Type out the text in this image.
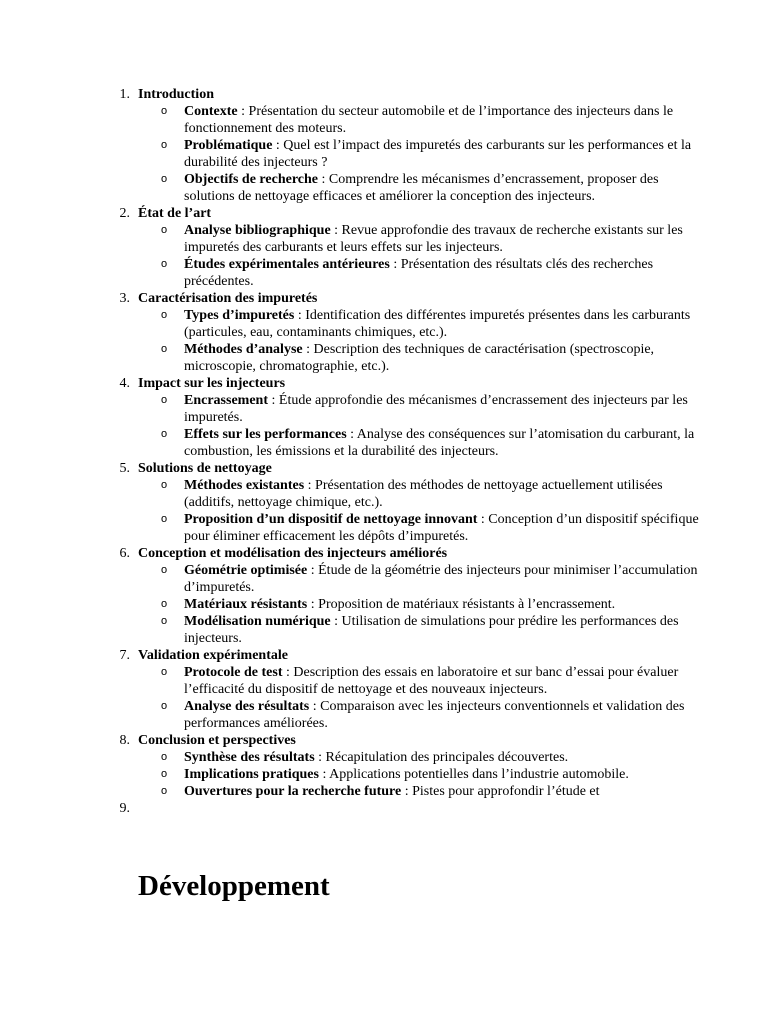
1. Introduction
o Contexte : Présentation du secteur automobile et de l’importance des injecteurs dans le fonctionnement des moteurs.
o Problématique : Quel est l’impact des impuretés des carburants sur les performances et la durabilité des injecteurs ?
o Objectifs de recherche : Comprendre les mécanismes d’encrassement, proposer des solutions de nettoyage efficaces et améliorer la conception des injecteurs.
2. État de l’art
o Analyse bibliographique : Revue approfondie des travaux de recherche existants sur les impuretés des carburants et leurs effets sur les injecteurs.
o Études expérimentales antérieures : Présentation des résultats clés des recherches précédentes.
3. Caractérisation des impuretés
o Types d’impuretés : Identification des différentes impuretés présentes dans les carburants (particules, eau, contaminants chimiques, etc.).
o Méthodes d’analyse : Description des techniques de caractérisation (spectroscopie, microscopie, chromatographie, etc.).
4. Impact sur les injecteurs
o Encrassement : Étude approfondie des mécanismes d’encrassement des injecteurs par les impuretés.
o Effets sur les performances : Analyse des conséquences sur l’atomisation du carburant, la combustion, les émissions et la durabilité des injecteurs.
5. Solutions de nettoyage
o Méthodes existantes : Présentation des méthodes de nettoyage actuellement utilisées (additifs, nettoyage chimique, etc.).
o Proposition d’un dispositif de nettoyage innovant : Conception d’un dispositif spécifique pour éliminer efficacement les dépôts d’impuretés.
6. Conception et modélisation des injecteurs améliorés
o Géométrie optimisée : Étude de la géométrie des injecteurs pour minimiser l’accumulation d’impuretés.
o Matériaux résistants : Proposition de matériaux résistants à l’encrassement.
o Modélisation numérique : Utilisation de simulations pour prédire les performances des injecteurs.
7. Validation expérimentale
o Protocole de test : Description des essais en laboratoire et sur banc d’essai pour évaluer l’efficacité du dispositif de nettoyage et des nouveaux injecteurs.
o Analyse des résultats : Comparaison avec les injecteurs conventionnels et validation des performances améliorées.
8. Conclusion et perspectives
o Synthèse des résultats : Récapitulation des principales découvertes.
o Implications pratiques : Applications potentielles dans l’industrie automobile.
o Ouvertures pour la recherche future : Pistes pour approfondir l’étude et
9.
Développement
